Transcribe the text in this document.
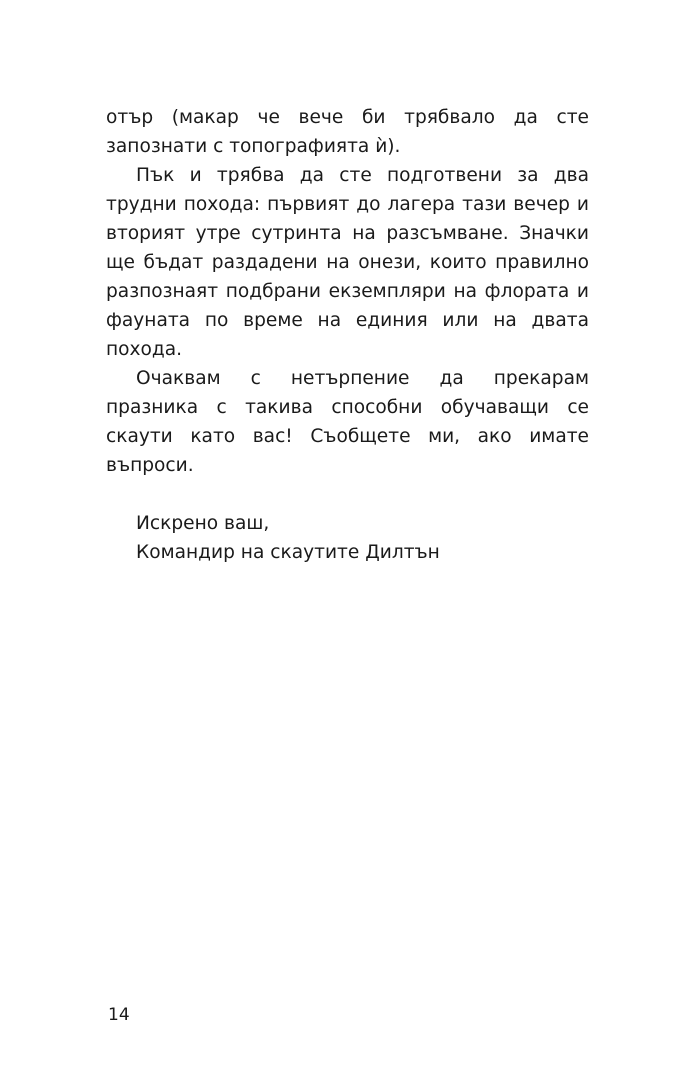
отър (макар че вече би трябвало да сте запознати с топографията ѝ).

Пък и трябва да сте подготвени за два трудни похода: първият до лагера тази вечер и вторият утре сутринта на разсъмване. Значки ще бъдат раздадени на онези, които правилно разпознаят подбрани екземпляри на флората и фауната по време на единия или на двата похода.

Очаквам с нетърпение да прекарам празника с такива способни обучаващи се скаути като вас! Съобщете ми, ако имате въпроси.

Искрено ваш,
Командир на скаутите Дилтън
14
